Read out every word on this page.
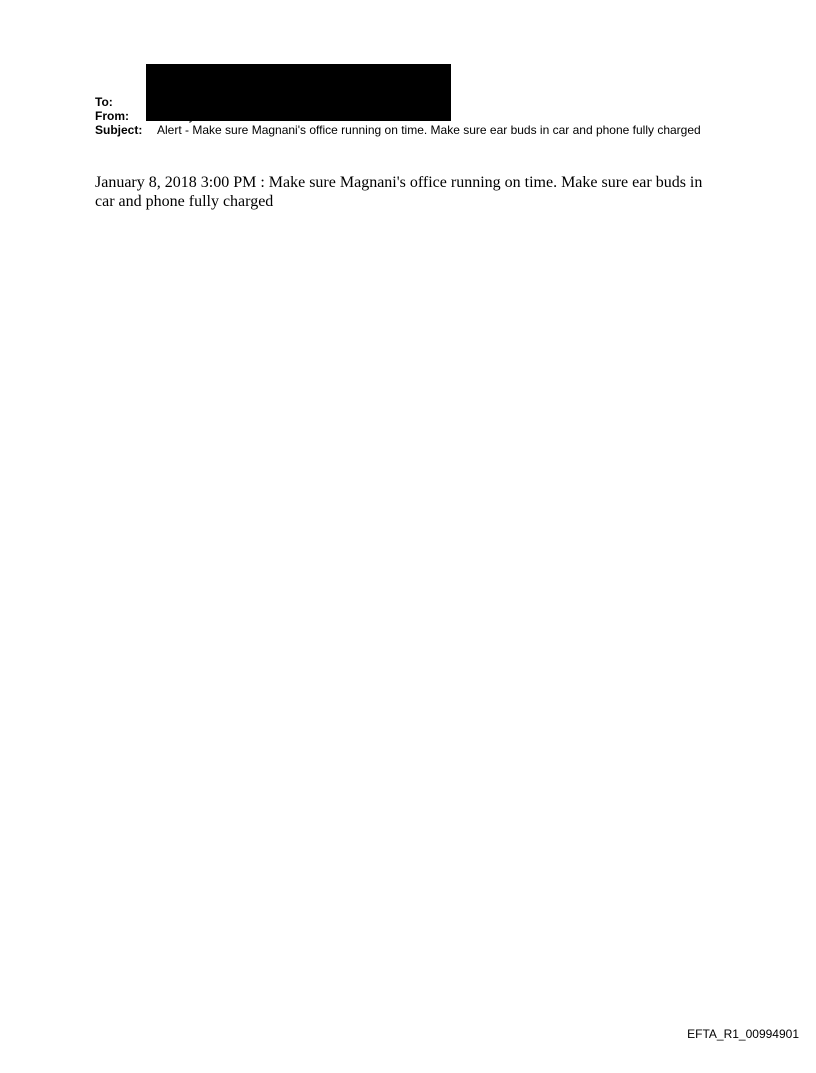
To:
From:
Subject: Alert - Make sure Magnani's office running on time. Make sure ear buds in car and phone fully charged
January 8, 2018 3:00 PM : Make sure Magnani's office running on time. Make sure ear buds in car and phone fully charged
EFTA_R1_00994901
